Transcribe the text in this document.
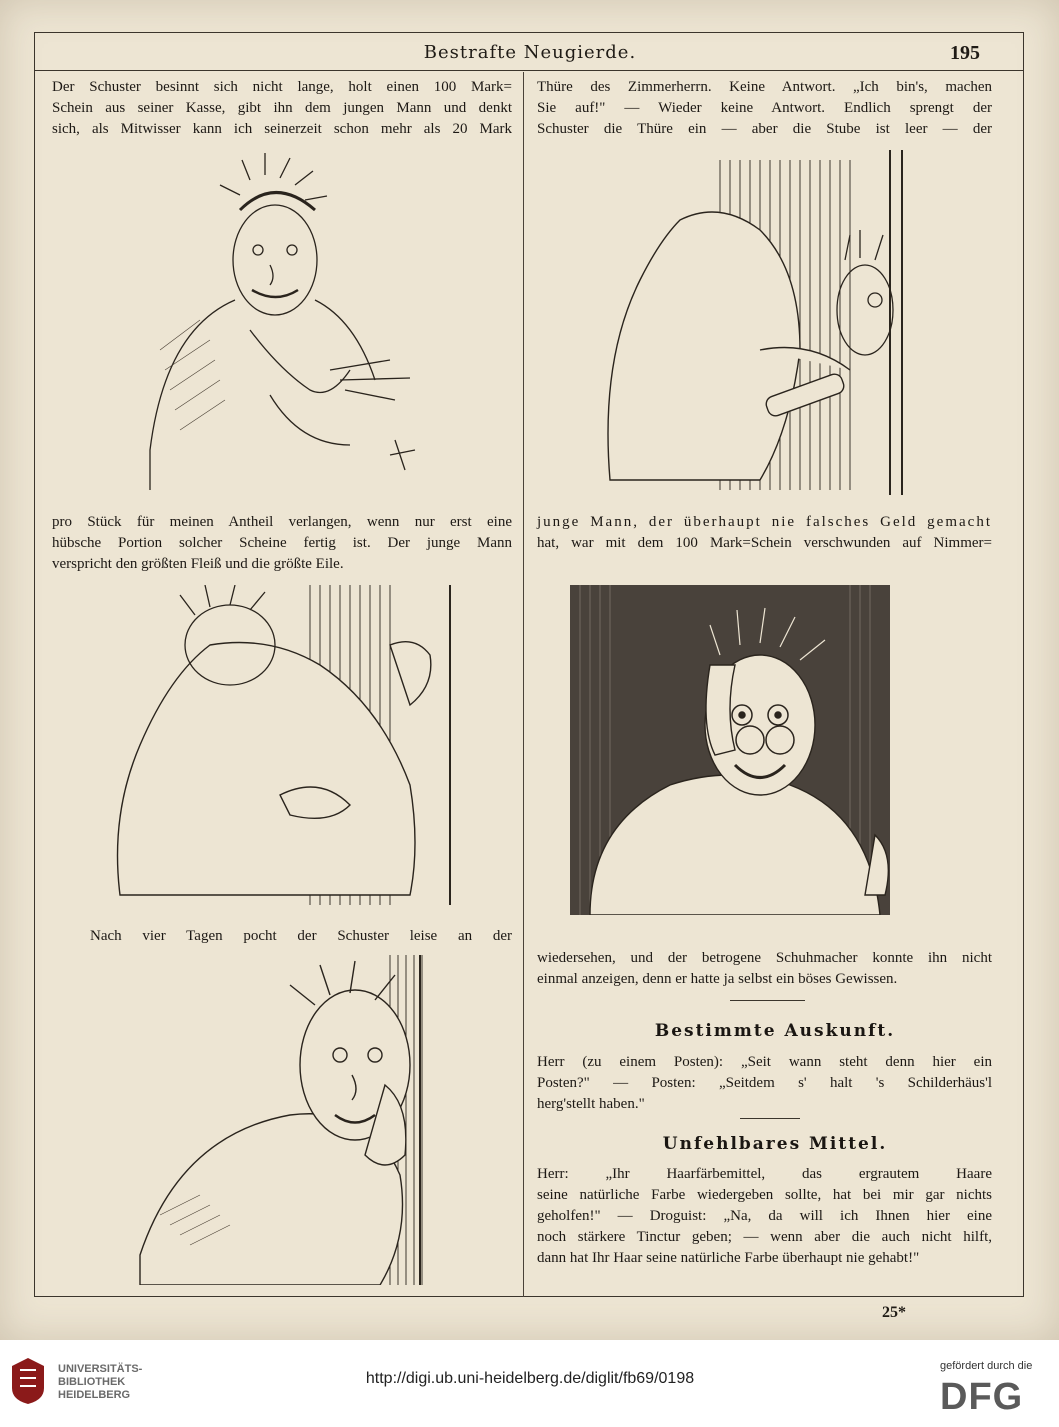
Bestrafte Neugierde.	195

Der Schuster besinnt sich nicht lange, holt einen 100 Mark=

Schein aus seiner Kasse, gibt ihn dem jungen Mann und denkt

sich, als Mitwisser kann ich seinerzeit schon mehr als 20 Mark

pro Stück für meinen Antheil verlangen, wenn nur erst eine

hübsche Portion solcher Scheine fertig ist. Der junge Mann

verspricht den größten Fleiß und die größte Eile.

Nach vier Tagen pocht der Schuster leise an der

Thüre des Zimmerherrn. Keine Antwort. „Ich bin's, machen

Sie auf!" — Wieder keine Antwort. Endlich sprengt der

Schuster die Thüre ein — aber die Stube ist leer — der

junge Mann, der überhaupt nie falsches Geld gemacht

hat, war mit dem 100 Mark=Schein verschwunden auf Nimmer=

wiedersehen, und der betrogene Schuhmacher konnte ihn nicht

einmal anzeigen, denn er hatte ja selbst ein böses Gewissen.

Bestimmte Auskunft.

Herr (zu einem Posten): „Seit wann steht denn hier ein

Posten?" — Posten: „Seitdem s' halt 's Schilderhäus'l

herg'stellt haben."

Unfehlbares Mittel.

Herr: „Ihr Haarfärbemittel, das ergrautem Haare

seine natürliche Farbe wiedergeben sollte, hat bei mir gar nichts

geholfen!" — Droguist: „Na, da will ich Ihnen hier eine

noch stärkere Tinctur geben; — wenn aber die auch nicht hilft,

dann hat Ihr Haar seine natürliche Farbe überhaupt nie gehabt!"

25*
UNIVERSITÄTS-
BIBLIOTHEK
HEIDELBERG
http://digi.ub.uni-heidelberg.de/diglit/fb69/0198
gefördert durch die
DFG
